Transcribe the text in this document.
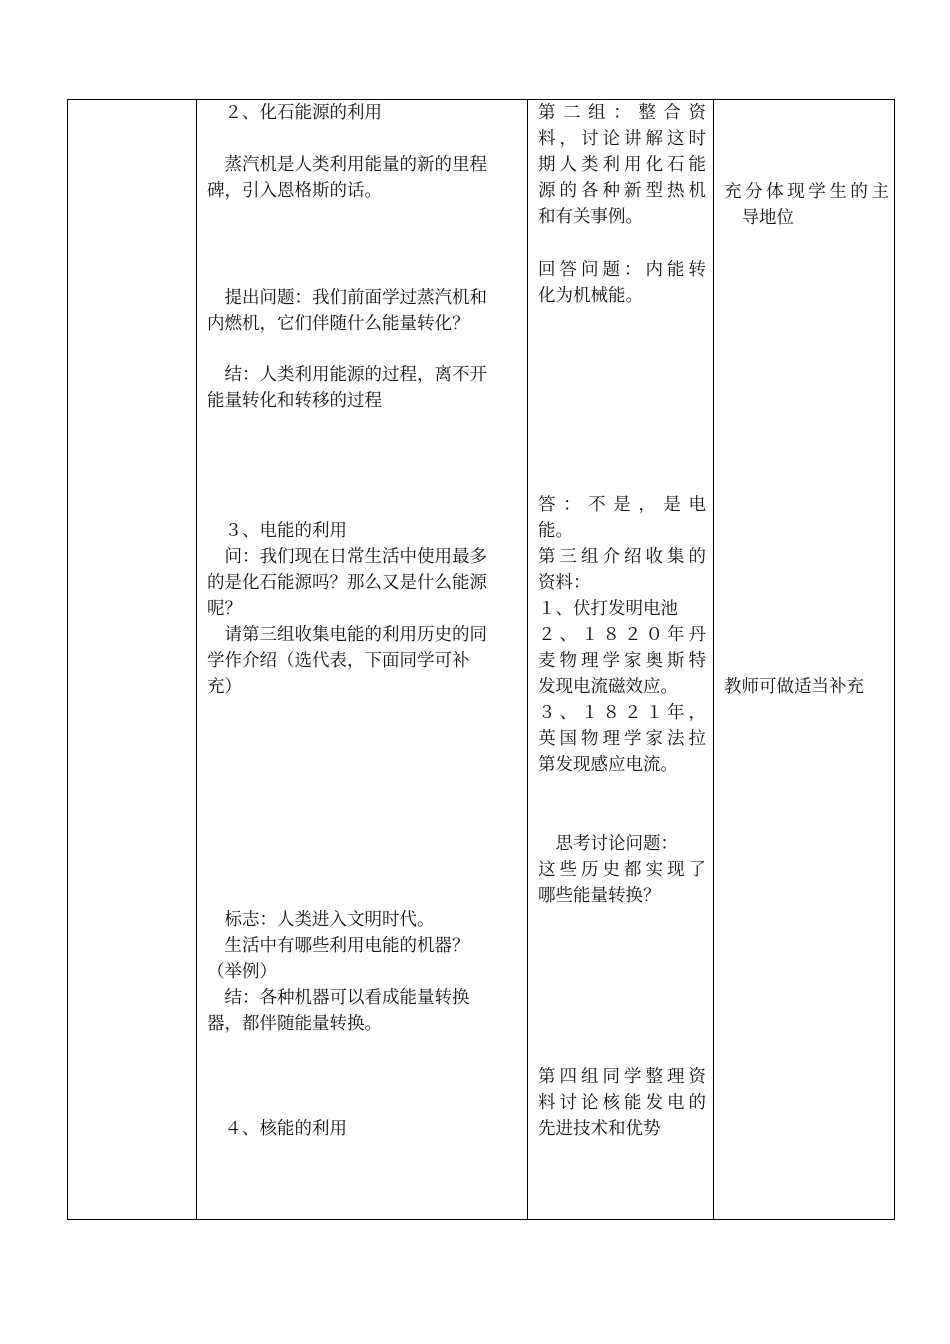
　２、化石能源的利用

　蒸汽机是人类利用能量的新的里程

碑，引入恩格斯的话。

　提出问题：我们前面学过蒸汽机和

内燃机，它们伴随什么能量转化？

　结：人类利用能源的过程，离不开

能量转化和转移的过程

　３、电能的利用

　问：我们现在日常生活中使用最多

的是化石能源吗？那么又是什么能源

呢？

　请第三组收集电能的利用历史的同

学作介绍（选代表，下面同学可补

充）

　标志：人类进入文明时代。

　生活中有哪些利用电能的机器？

（举例）

　结：各种机器可以看成能量转换

器，都伴随能量转换。

　４、核能的利用

第二组：整合资

料，讨论讲解这时

期人类利用化石能

源的各种新型热机

和有关事例。

回答问题：内能转

化为机械能。

答：不是，是电

能。

第三组介绍收集的

资料：

１、伏打发明电池

２、１８２０年丹

麦物理学家奥斯特

发现电流磁效应。

３、１８２１年，

英国物理学家法拉

第发现感应电流。

　思考讨论问题：

这些历史都实现了

哪些能量转换？

第四组同学整理资

料讨论核能发电的

先进技术和优势

充分体现学生的主

　导地位

教师可做适当补充
